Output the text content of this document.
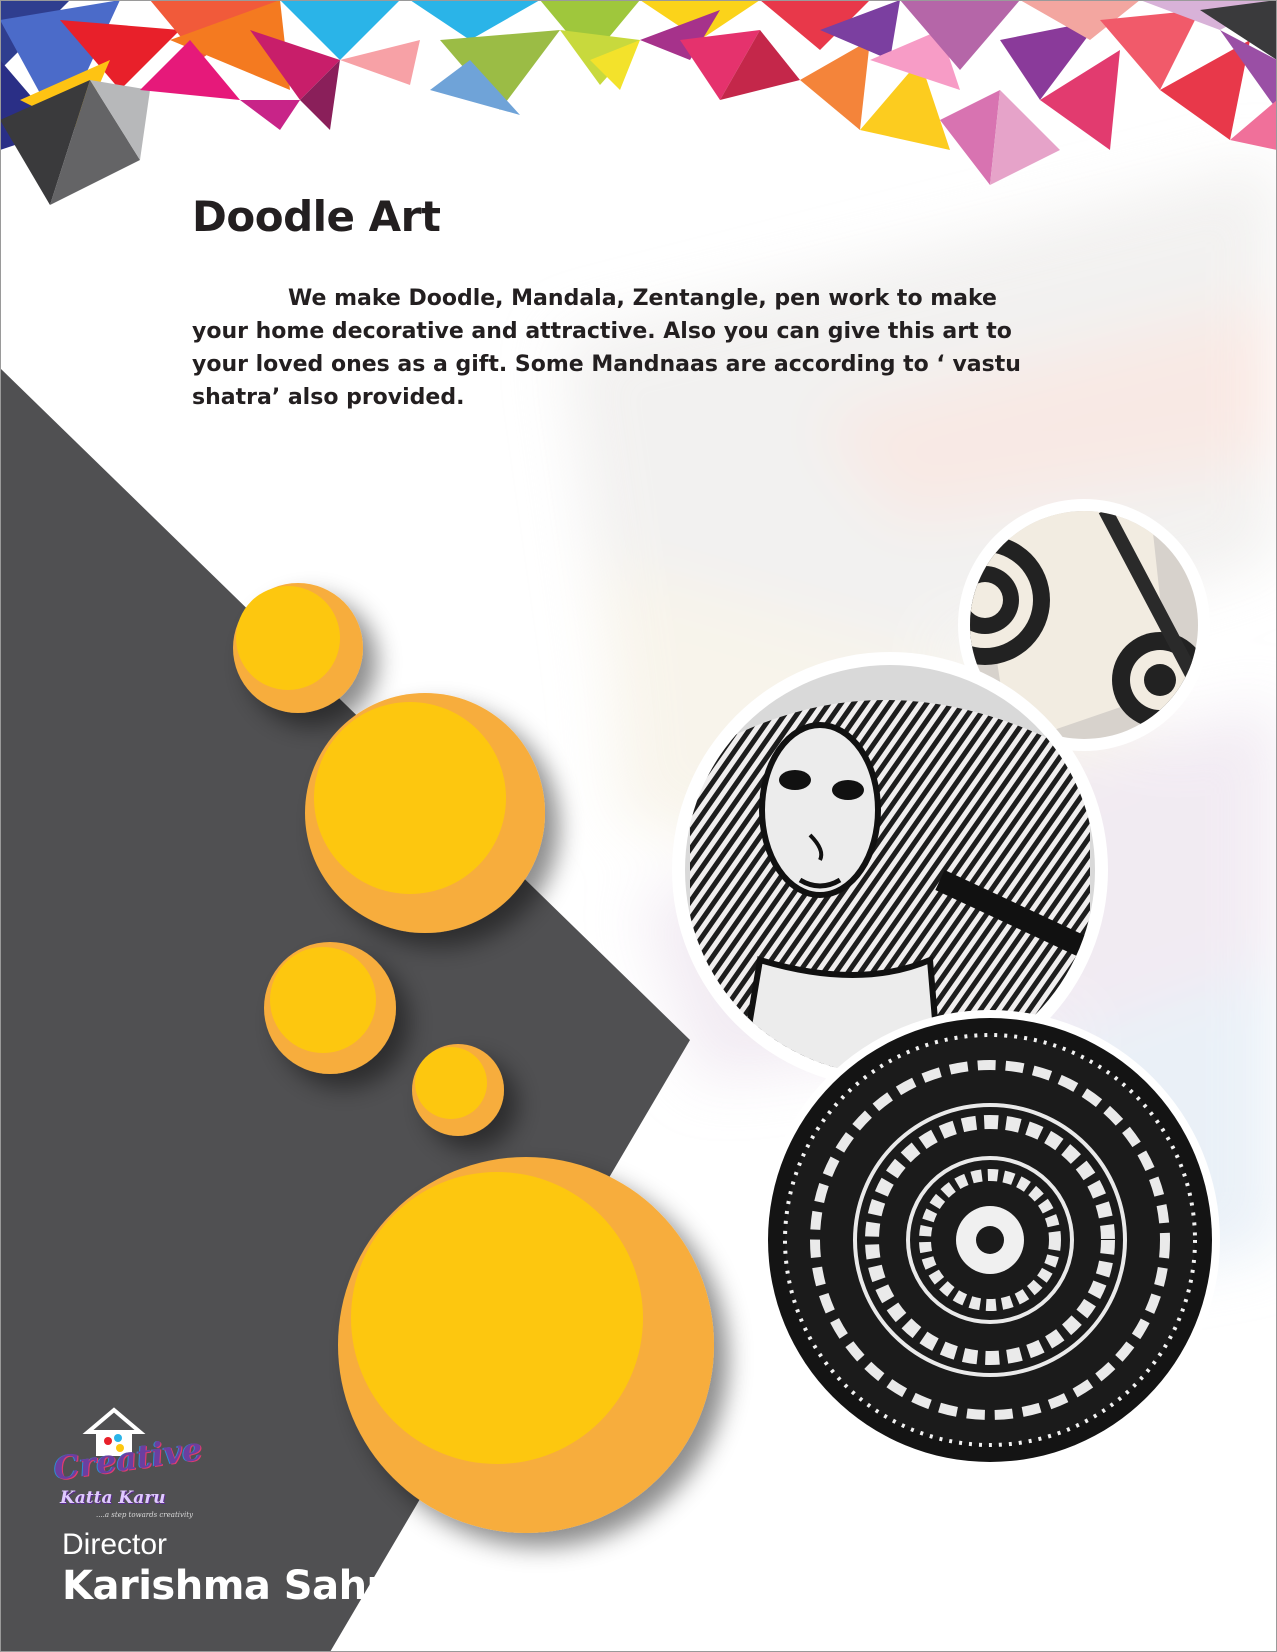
Doodle Art

We make Doodle, Mandala, Zentangle, pen work to make your home decorative and attractive. Also you can give this art to your loved ones as a gift. Some Mandnaas are according to ‘ vastu shatra’ also provided.

Creative
Katta Karu
....a step towards creativity
Director
Karishma Sahuji
